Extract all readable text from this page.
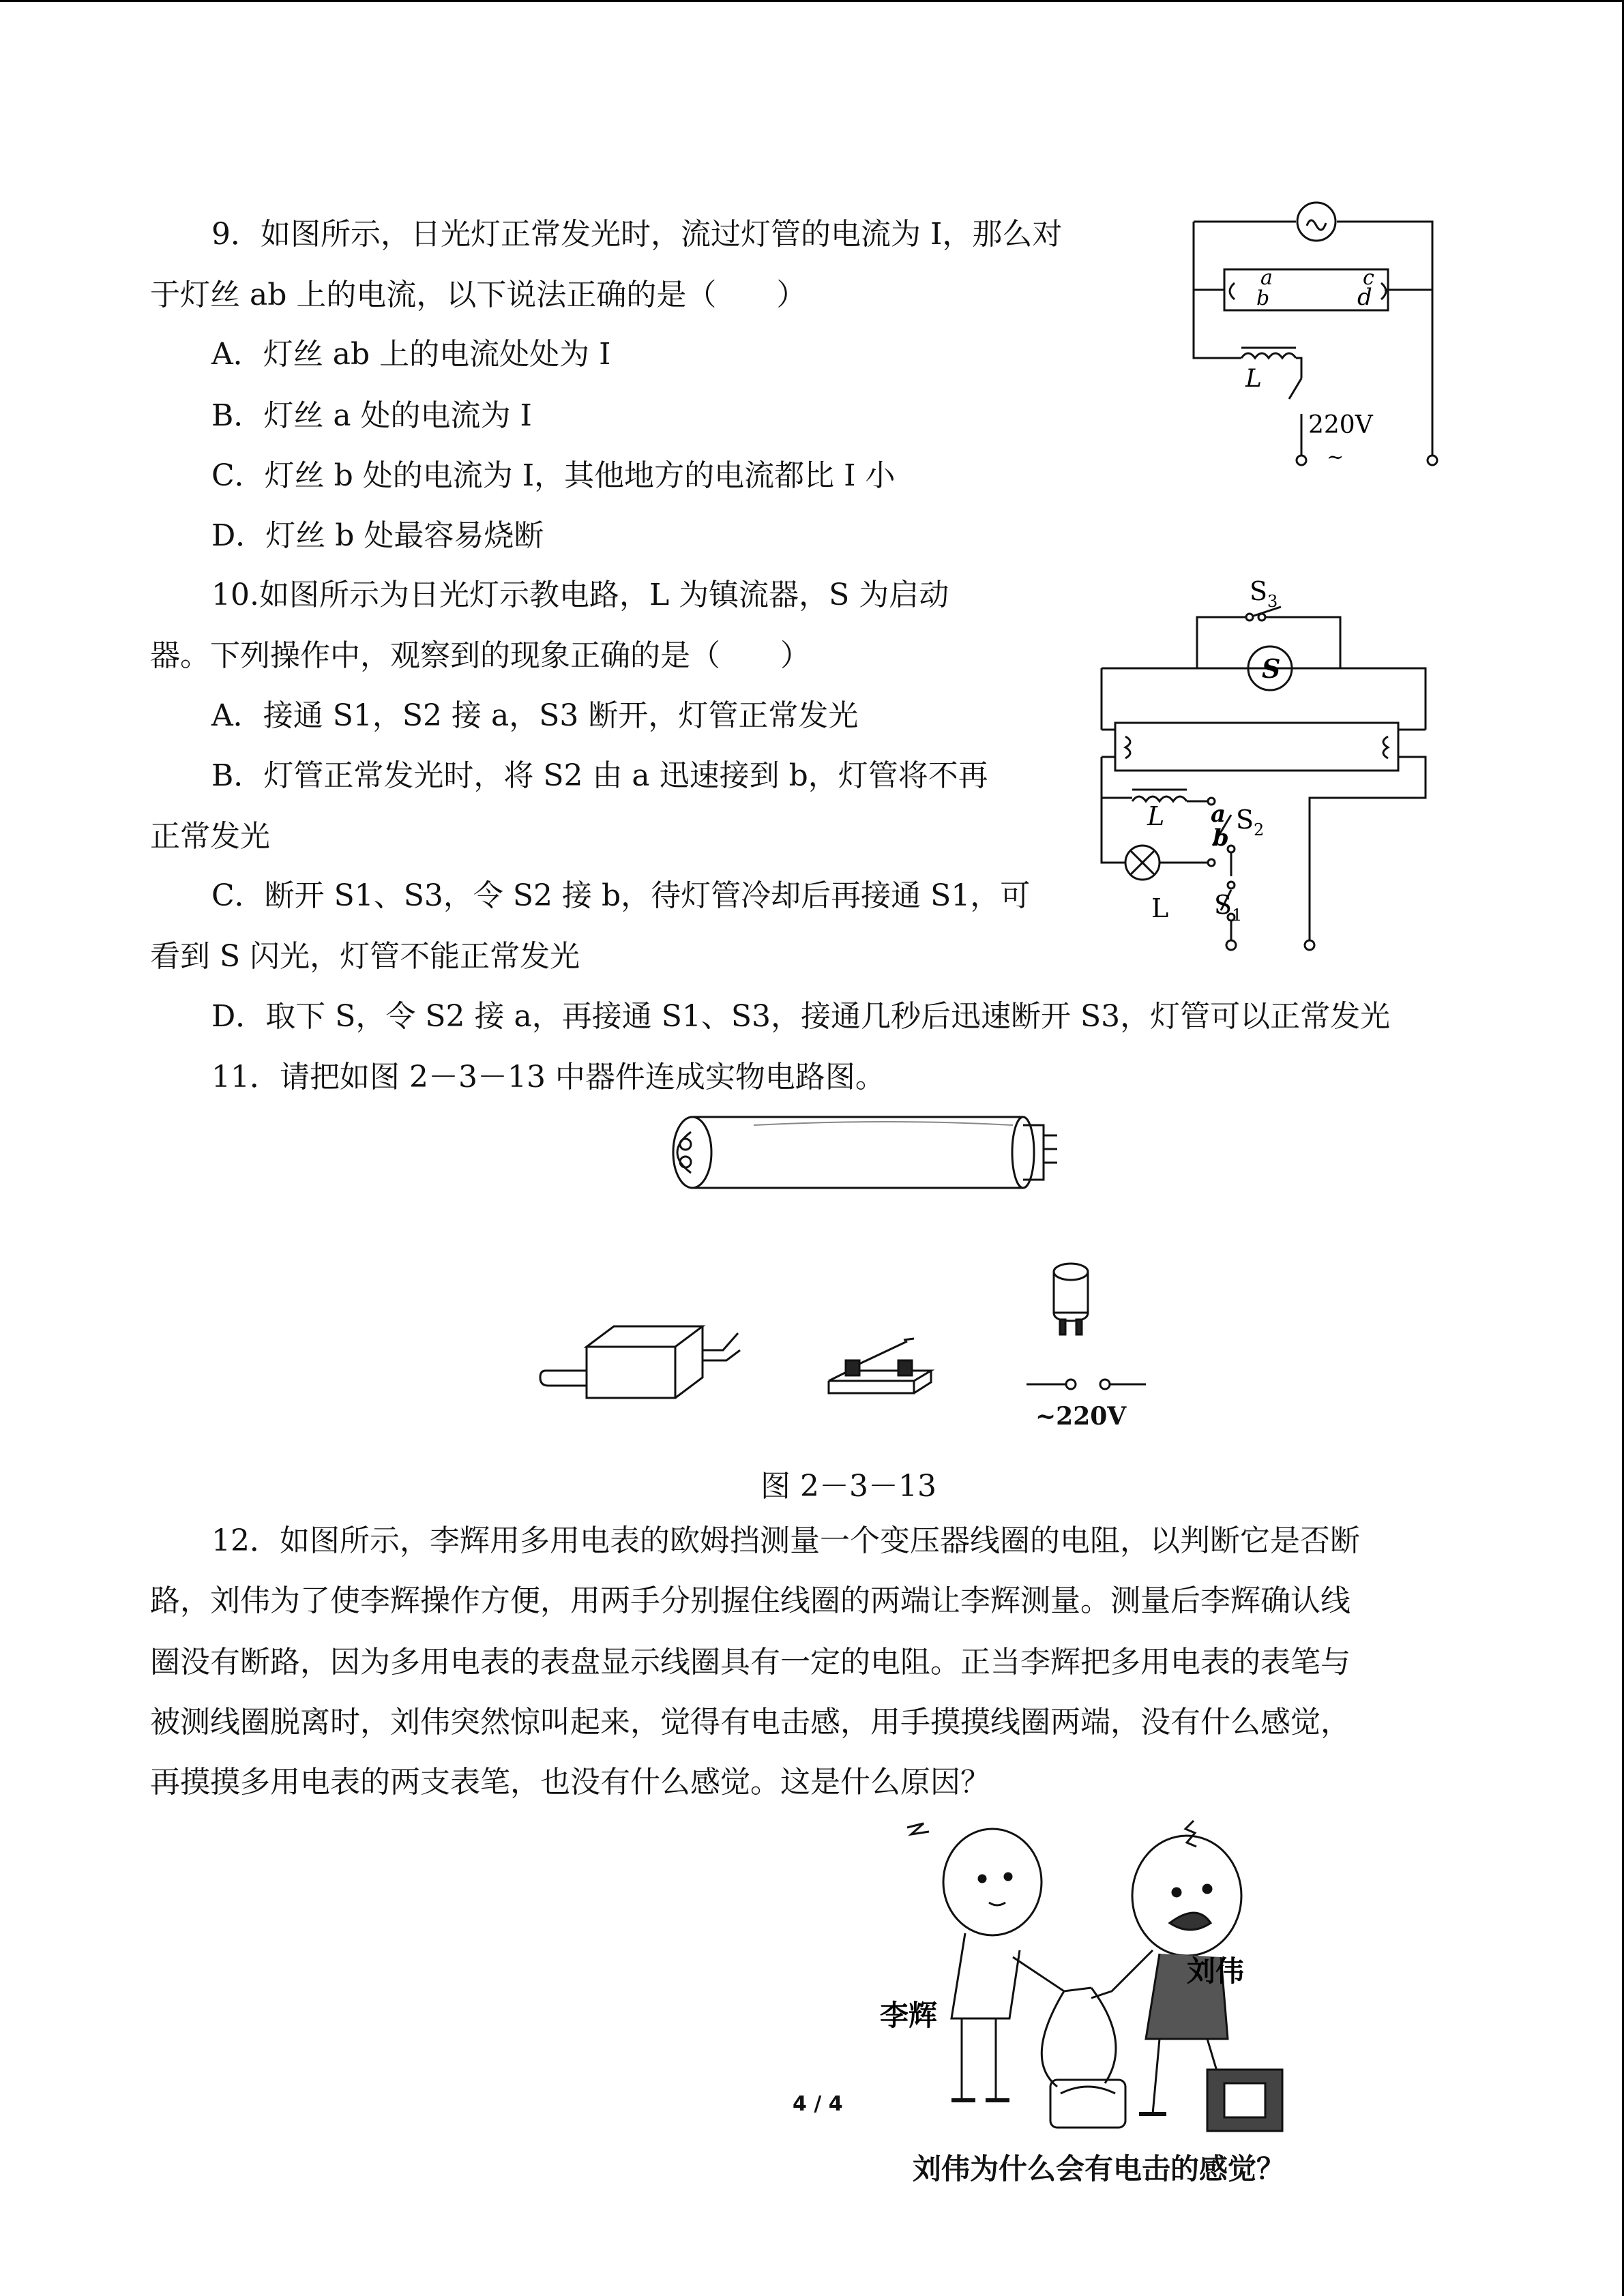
9．如图所示，日光灯正常发光时，流过灯管的电流为 I，那么对
于灯丝 ab 上的电流，以下说法正确的是（　　）
A．灯丝 ab 上的电流处处为 I
B．灯丝 a 处的电流为 I
C．灯丝 b 处的电流为 I，其他地方的电流都比 I 小
D．灯丝 b 处最容易烧断
a
b
c
d
L
220V
~
10.如图所示为日光灯示教电路，L 为镇流器，S 为启动
器。下列操作中，观察到的现象正确的是（　　）
A．接通 S1，S2 接 a，S3 断开，灯管正常发光
B．灯管正常发光时，将 S2 由 a 迅速接到 b，灯管将不再
正常发光
C．断开 S1、S3，令 S2 接 b，待灯管冷却后再接通 S1，可
看到 S 闪光，灯管不能正常发光
D．取下 S，令 S2 接 a，再接通 S1、S3，接通几秒后迅速断开 S3，灯管可以正常发光
$S_3$
S
$S_2$
$S_1$
L
L
a
b
11．请把如图 2－3－13 中器件连成实物电路图。
~220V
图 2－3－13
12．如图所示，李辉用多用电表的欧姆挡测量一个变压器线圈的电阻，以判断它是否断
路，刘伟为了使李辉操作方便，用两手分别握住线圈的两端让李辉测量。测量后李辉确认线
圈没有断路，因为多用电表的表盘显示线圈具有一定的电阻。正当李辉把多用电表的表笔与
被测线圈脱离时，刘伟突然惊叫起来，觉得有电击感，用手摸摸线圈两端，没有什么感觉，
再摸摸多用电表的两支表笔，也没有什么感觉。这是什么原因？
刘伟
李辉
刘伟为什么会有电击的感觉？
4 / 4
